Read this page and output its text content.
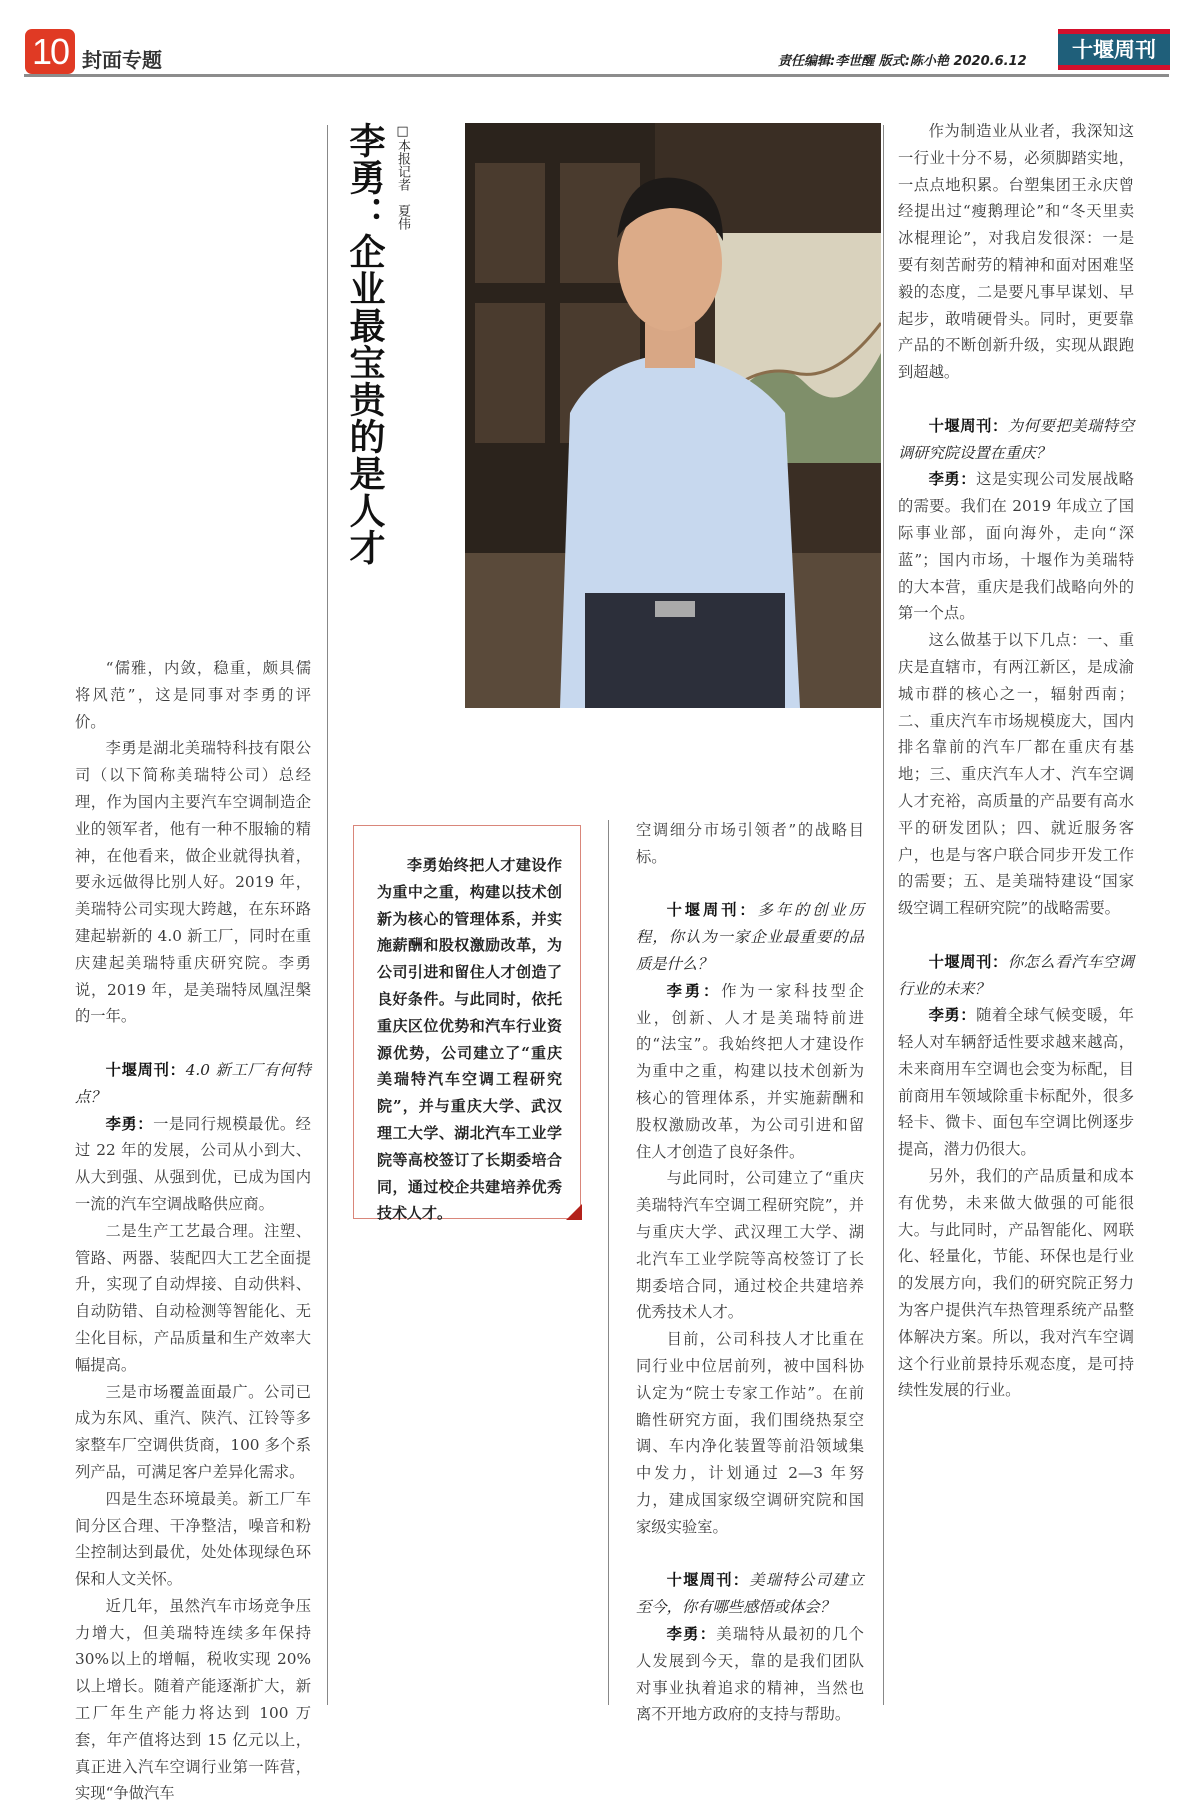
10 封面专题	责任编辑:李世醒 版式:陈小艳 2020.6.12	十堰周刊
李勇：企业最宝贵的是人才 □本报记者　夏伟

李勇始终把人才建设作为重中之重，构建以技术创新为核心的管理体系，并实施薪酬和股权激励改革，为公司引进和留住人才创造了良好条件。与此同时，依托重庆区位优势和汽车行业资源优势，公司建立了“重庆美瑞特汽车空调工程研究院”，并与重庆大学、武汉理工大学、湖北汽车工业学院等高校签订了长期委培合同，通过校企共建培养优秀技术人才。

“儒雅，内敛，稳重，颇具儒将风范”，这是同事对李勇的评价。

李勇是湖北美瑞特科技有限公司（以下简称美瑞特公司）总经理，作为国内主要汽车空调制造企业的领军者，他有一种不服输的精神，在他看来，做企业就得执着，要永远做得比别人好。2019 年，美瑞特公司实现大跨越，在东环路建起崭新的 4.0 新工厂，同时在重庆建起美瑞特重庆研究院。李勇说，2019 年，是美瑞特凤凰涅槃的一年。

十堰周刊：4.0 新工厂有何特点？

李勇：一是同行规模最优。经过 22 年的发展，公司从小到大、从大到强、从强到优，已成为国内一流的汽车空调战略供应商。

二是生产工艺最合理。注塑、管路、两器、装配四大工艺全面提升，实现了自动焊接、自动供料、自动防错、自动检测等智能化、无尘化目标，产品质量和生产效率大幅提高。

三是市场覆盖面最广。公司已成为东风、重汽、陕汽、江铃等多家整车厂空调供货商，100 多个系列产品，可满足客户差异化需求。

四是生态环境最美。新工厂车间分区合理、干净整洁，噪音和粉尘控制达到最优，处处体现绿色环保和人文关怀。

近几年，虽然汽车市场竞争压力增大，但美瑞特连续多年保持 30%以上的增幅，税收实现 20%以上增长。随着产能逐渐扩大，新工厂年生产能力将达到 100 万套，年产值将达到 15 亿元以上，真正进入汽车空调行业第一阵营，实现“争做汽车

空调细分市场引领者”的战略目标。

十堰周刊：多年的创业历程，你认为一家企业最重要的品质是什么？

李勇：作为一家科技型企业，创新、人才是美瑞特前进的“法宝”。我始终把人才建设作为重中之重，构建以技术创新为核心的管理体系，并实施薪酬和股权激励改革，为公司引进和留住人才创造了良好条件。

与此同时，公司建立了“重庆美瑞特汽车空调工程研究院”，并与重庆大学、武汉理工大学、湖北汽车工业学院等高校签订了长期委培合同，通过校企共建培养优秀技术人才。

目前，公司科技人才比重在同行业中位居前列，被中国科协认定为“院士专家工作站”。在前瞻性研究方面，我们围绕热泵空调、车内净化装置等前沿领域集中发力，计划通过 2—3 年努力，建成国家级空调研究院和国家级实验室。

十堰周刊：美瑞特公司建立至今，你有哪些感悟或体会？

李勇：美瑞特从最初的几个人发展到今天，靠的是我们团队对事业执着追求的精神，当然也离不开地方政府的支持与帮助。

作为制造业从业者，我深知这一行业十分不易，必须脚踏实地，一点点地积累。台塑集团王永庆曾经提出过“瘦鹅理论”和“冬天里卖冰棍理论”，对我启发很深：一是要有刻苦耐劳的精神和面对困难坚毅的态度，二是要凡事早谋划、早起步，敢啃硬骨头。同时，更要靠产品的不断创新升级，实现从跟跑到超越。

十堰周刊：为何要把美瑞特空调研究院设置在重庆？

李勇：这是实现公司发展战略的需要。我们在 2019 年成立了国际事业部，面向海外，走向“深蓝”；国内市场，十堰作为美瑞特的大本营，重庆是我们战略向外的第一个点。

这么做基于以下几点：一、重庆是直辖市，有两江新区，是成渝城市群的核心之一，辐射西南；二、重庆汽车市场规模庞大，国内排名靠前的汽车厂都在重庆有基地；三、重庆汽车人才、汽车空调人才充裕，高质量的产品要有高水平的研发团队；四、就近服务客户，也是与客户联合同步开发工作的需要；五、是美瑞特建设“国家级空调工程研究院”的战略需要。

十堰周刊：你怎么看汽车空调行业的未来？

李勇：随着全球气候变暖，年轻人对车辆舒适性要求越来越高，未来商用车空调也会变为标配，目前商用车领域除重卡标配外，很多轻卡、微卡、面包车空调比例逐步提高，潜力仍很大。

另外，我们的产品质量和成本有优势，未来做大做强的可能很大。与此同时，产品智能化、网联化、轻量化，节能、环保也是行业的发展方向，我们的研究院正努力为客户提供汽车热管理系统产品整体解决方案。所以，我对汽车空调这个行业前景持乐观态度，是可持续性发展的行业。
